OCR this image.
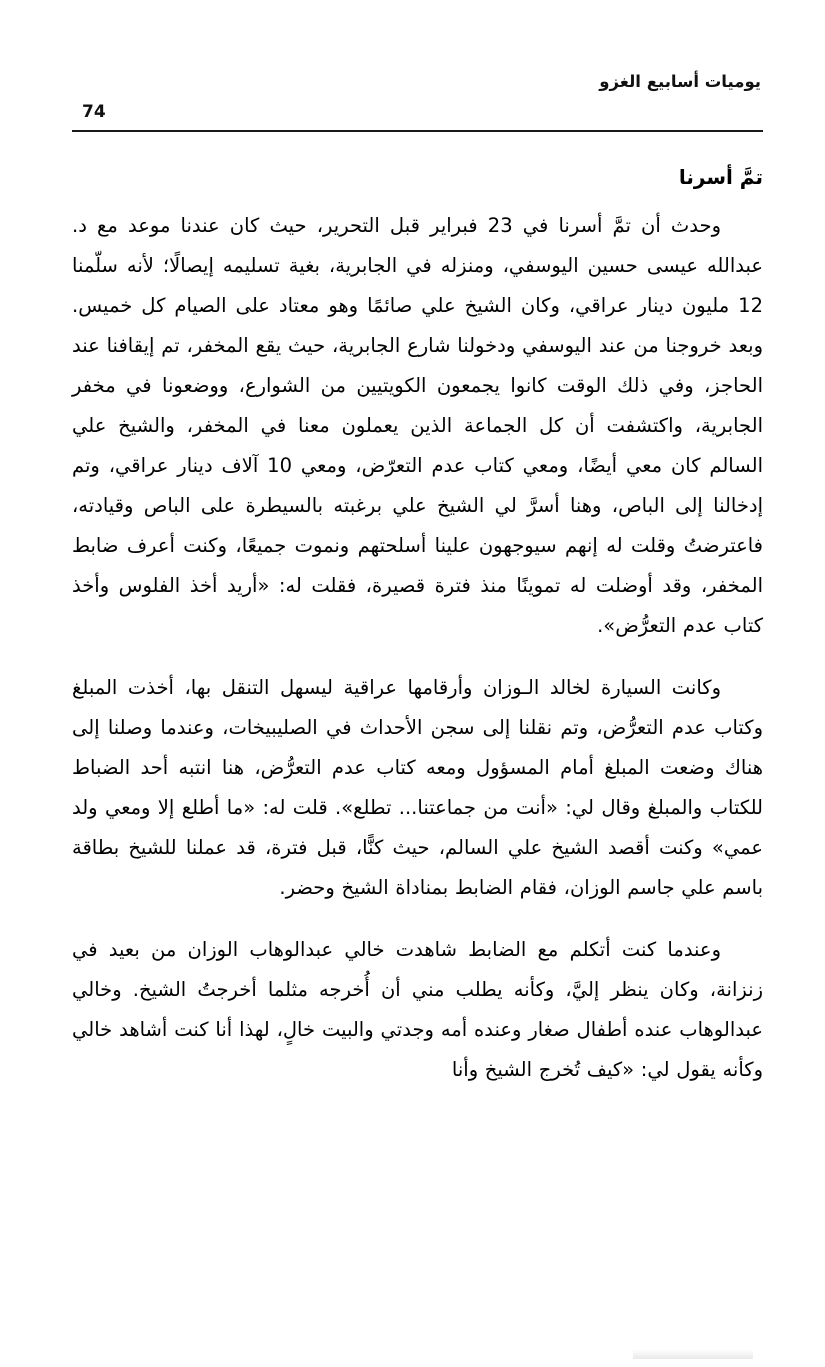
يوميات أسابيع الغزو
74
تمَّ أسرنا

وحدث أن تمَّ أسرنا في 23 فبراير قبل التحرير، حيث كان عندنا موعد مع د. عبدالله عيسى حسين اليوسفي، ومنزله في الجابرية، بغية تسليمه إيصالًا؛ لأنه سلّمنا 12 مليون دينار عراقي، وكان الشيخ علي صائمًا وهو معتاد على الصيام كل خميس. وبعد خروجنا من عند اليوسفي ودخولنا شارع الجابرية، حيث يقع المخفر، تم إيقافنا عند الحاجز، وفي ذلك الوقت كانوا يجمعون الكويتيين من الشوارع، ووضعونا في مخفر الجابرية، واكتشفت أن كل الجماعة الذين يعملون معنا في المخفر، والشيخ علي السالم كان معي أيضًا، ومعي كتاب عدم التعرّض، ومعي 10 آلاف دينار عراقي، وتم إدخالنا إلى الباص، وهنا أسرَّ لي الشيخ علي برغبته بالسيطرة على الباص وقيادته، فاعترضتُ وقلت له إنهم سيوجهون علينا أسلحتهم ونموت جميعًا، وكنت أعرف ضابط المخفر، وقد أوضلت له تموينًا منذ فترة قصيرة، فقلت له: «أريد أخذ الفلوس وأخذ كتاب عدم التعرُّض».

وكانت السيارة لخالد الـوزان وأرقامها عراقية ليسهل التنقل بها، أخذت المبلغ وكتاب عدم التعرُّض، وتم نقلنا إلى سجن الأحداث في الصليبيخات، وعندما وصلنا إلى هناك وضعت المبلغ أمام المسؤول ومعه كتاب عدم التعرُّض، هنا انتبه أحد الضباط للكتاب والمبلغ وقال لي: «أنت من جماعتنا... تطلع». قلت له: «ما أطلع إلا ومعي ولد عمي» وكنت أقصد الشيخ علي السالم، حيث كنًّا، قبل فترة، قد عملنا للشيخ بطاقة باسم علي جاسم الوزان، فقام الضابط بمناداة الشيخ وحضر.

وعندما كنت أتكلم مع الضابط شاهدت خالي عبدالوهاب الوزان من بعيد في زنزانة، وكان ينظر إليَّ، وكأنه يطلب مني أن أُخرجه مثلما أخرجتُ الشيخ. وخالي عبدالوهاب عنده أطفال صغار وعنده أمه وجدتي والبيت خالٍ، لهذا أنا كنت أشاهد خالي وكأنه يقول لي: «كيف تُخرج الشيخ وأنا
